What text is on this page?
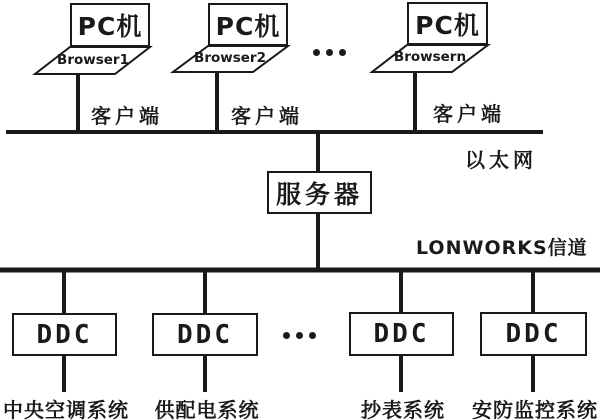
PC机	PC机	PC机
Browser1	Browser2	Browsern
客户端	客户端	客户端
以太网
服务器
LONWORKS信道
DDC	DDC	DDC	DDC
中央空调系统 供配电系统	抄表系统 安防监控系统
